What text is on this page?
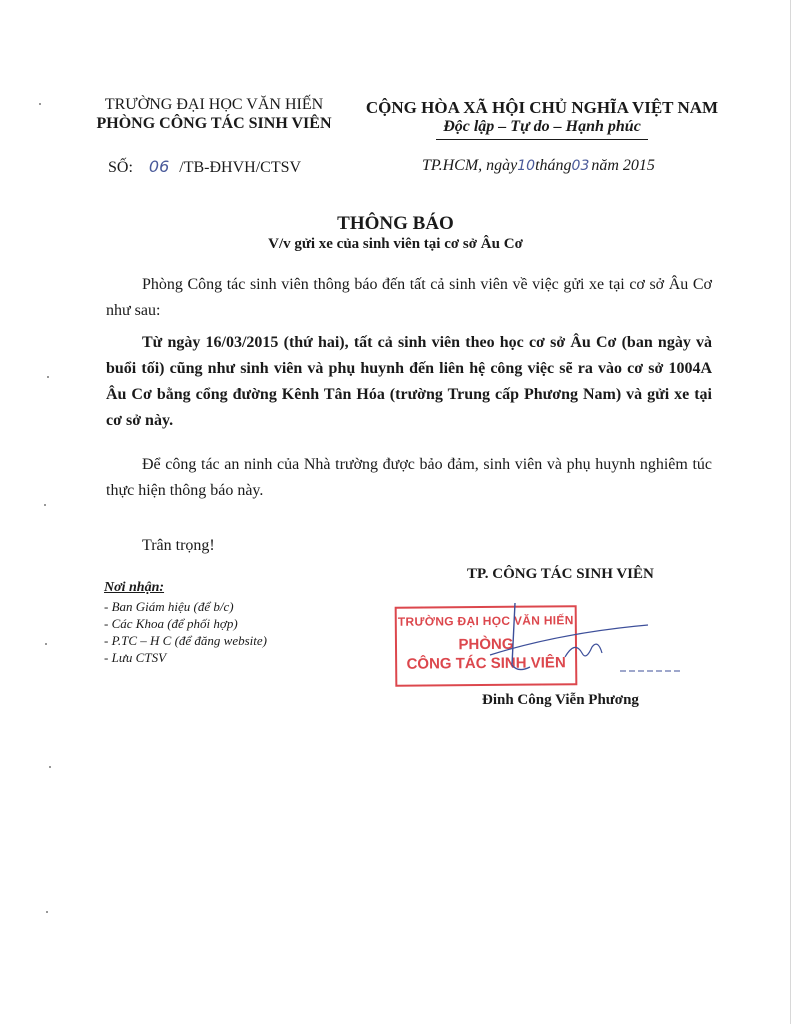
TRƯỜNG ĐẠI HỌC VĂN HIẾN
PHÒNG CÔNG TÁC SINH VIÊN
CỘNG HÒA XÃ HỘI CHỦ NGHĨA VIỆT NAM
Độc lập – Tự do – Hạnh phúc
SỐ: 06 /TB-ĐHVH/CTSV	TP.HCM, ngày10tháng03 năm 2015
THÔNG BÁO
V/v gửi xe của sinh viên tại cơ sở Âu Cơ

Phòng Công tác sinh viên thông báo đến tất cả sinh viên về việc gửi xe tại cơ sở Âu Cơ như sau:

Từ ngày 16/03/2015 (thứ hai), tất cả sinh viên theo học cơ sở Âu Cơ (ban ngày và buổi tối) cũng như sinh viên và phụ huynh đến liên hệ công việc sẽ ra vào cơ sở 1004A Âu Cơ bằng cổng đường Kênh Tân Hóa (trường Trung cấp Phương Nam) và gửi xe tại cơ sở này.

Để công tác an ninh của Nhà trường được bảo đảm, sinh viên và phụ huynh nghiêm túc thực hiện thông báo này.

Trân trọng!
TP. CÔNG TÁC SINH VIÊN
Nơi nhận:
- Ban Giám hiệu (để b/c)
- Các Khoa (để phối hợp)
- P.TC – H C (để đăng website)
- Lưu CTSV
TRƯỜNG ĐẠI HỌC VĂN HIẾN
PHÒNG
CÔNG TÁC SINH VIÊN
Đinh Công Viễn Phương
